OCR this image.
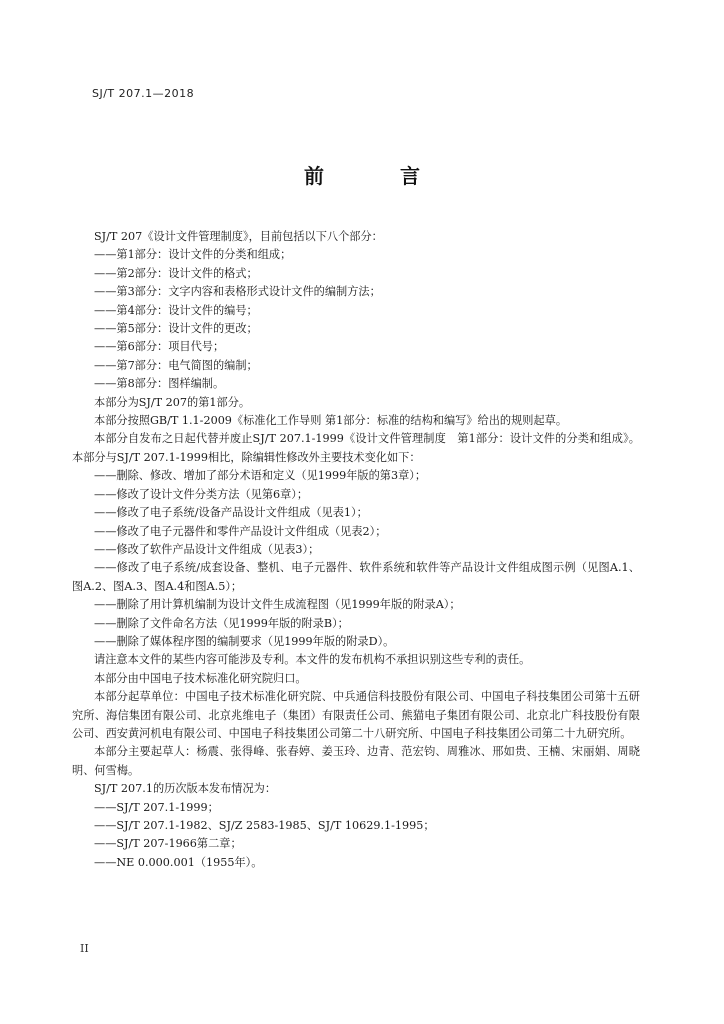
SJ/T 207.1—2018
前　言

SJ/T 207《设计文件管理制度》，目前包括以下八个部分：

——第1部分：设计文件的分类和组成；

——第2部分：设计文件的格式；

——第3部分：文字内容和表格形式设计文件的编制方法；

——第4部分：设计文件的编号；

——第5部分：设计文件的更改；

——第6部分：项目代号；

——第7部分：电气简图的编制；

——第8部分：图样编制。

本部分为SJ/T 207的第1部分。

本部分按照GB/T 1.1-2009《标准化工作导则 第1部分：标准的结构和编写》给出的规则起草。

本部分自发布之日起代替并废止SJ/T 207.1-1999《设计文件管理制度　第1部分：设计文件的分类和组成》。本部分与SJ/T 207.1-1999相比，除编辑性修改外主要技术变化如下：

——删除、修改、增加了部分术语和定义（见1999年版的第3章）；

——修改了设计文件分类方法（见第6章）；

——修改了电子系统/设备产品设计文件组成（见表1）；

——修改了电子元器件和零件产品设计文件组成（见表2）；

——修改了软件产品设计文件组成（见表3）；

——修改了电子系统/成套设备、整机、电子元器件、软件系统和软件等产品设计文件组成图示例（见图A.1、图A.2、图A.3、图A.4和图A.5）；

——删除了用计算机编制为设计文件生成流程图（见1999年版的附录A）；

——删除了文件命名方法（见1999年版的附录B）；

——删除了媒体程序图的编制要求（见1999年版的附录D）。

请注意本文件的某些内容可能涉及专利。本文件的发布机构不承担识别这些专利的责任。

本部分由中国电子技术标准化研究院归口。

本部分起草单位：中国电子技术标准化研究院、中兵通信科技股份有限公司、中国电子科技集团公司第十五研究所、海信集团有限公司、北京兆维电子（集团）有限责任公司、熊猫电子集团有限公司、北京北广科技股份有限公司、西安黄河机电有限公司、中国电子科技集团公司第二十八研究所、中国电子科技集团公司第二十九研究所。

本部分主要起草人：杨震、张得峰、张春婷、姜玉玲、边青、范宏钧、周雅冰、邢如贵、王楠、宋丽娟、周晓明、何雪梅。

SJ/T 207.1的历次版本发布情况为：

——SJ/T 207.1-1999；

——SJ/T 207.1-1982、SJ/Z 2583-1985、SJ/T 10629.1-1995；

——SJ/T 207-1966第二章；

——NE 0.000.001（1955年）。

II
